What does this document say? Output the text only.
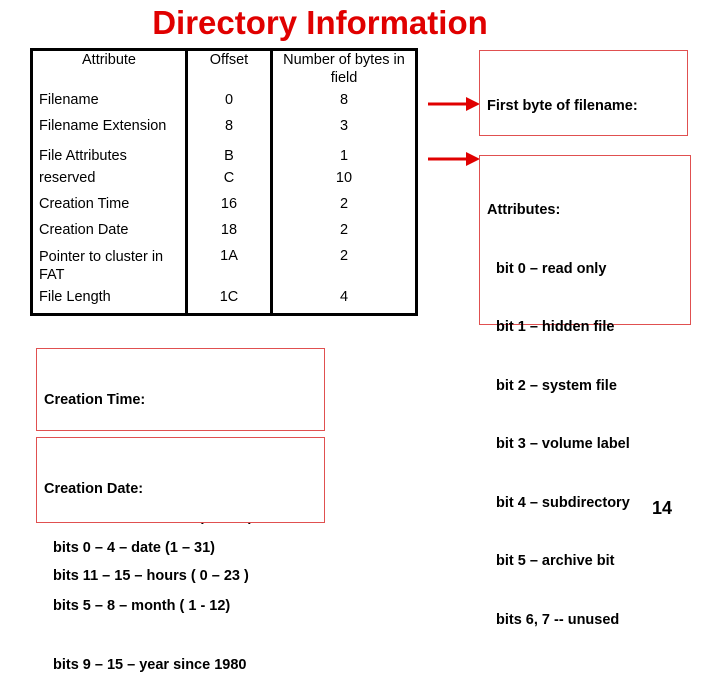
Directory Information
Attribute	Offset	Number of bytes in field
Filename	0	8
Filename Extension	8	3
File Attributes	B	1
reserved	C	10
Creation Time	16	2
Creation Date	18	2
Pointer to cluster in FAT	1A	2
File Length	1C	4

First byte of filename:

Attributes:

bit 0 – read only

bit 1 – hidden file

bit 2 – system file

bit 3 – volume label

bit 4 – subdirectory

bit 5 – archive bit

bits 6, 7 -- unused

Creation Time:

bits 11 – 15 – hours ( 0 – 23 )

Creation Date:

bits 0 – 4 – date (1 – 31)

bits 5 – 8 – month ( 1 - 12)

bits 9 – 15 – year since 1980

14
